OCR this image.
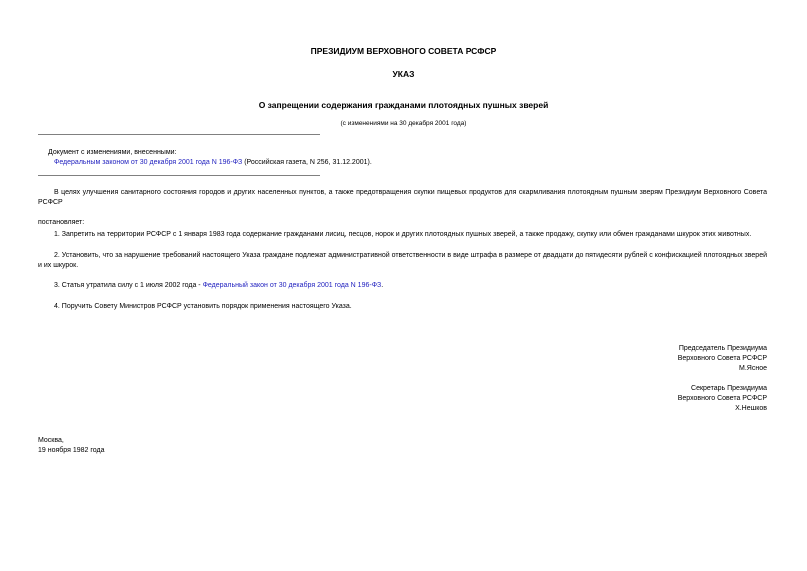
ПРЕЗИДИУМ ВЕРХОВНОГО СОВЕТА РСФСР
УКАЗ
О запрещении содержания гражданами плотоядных пушных зверей
(с изменениями на 30 декабря 2001 года)
Документ с изменениями, внесенными:
Федеральным законом от 30 декабря 2001 года N 196-ФЗ (Российская газета, N 256, 31.12.2001).
В целях улучшения санитарного состояния городов и других населенных пунктов, а также предотвращения скупки пищевых продуктов для скармливания плотоядным пушным зверям Президиум Верховного Совета РСФСР
постановляет:
1. Запретить на территории РСФСР с 1 января 1983 года содержание гражданами лисиц, песцов, норок и других плотоядных пушных зверей, а также продажу, скупку или обмен гражданами шкурок этих животных.
2. Установить, что за нарушение требований настоящего Указа граждане подлежат административной ответственности в виде штрафа в размере от двадцати до пятидесяти рублей с конфискацией плотоядных зверей и их шкурок.
3. Статья утратила силу с 1 июля 2002 года - Федеральный закон от 30 декабря 2001 года N 196-ФЗ.
4. Поручить Совету Министров РСФСР установить порядок применения настоящего Указа.
Председатель Президиума
Верховного Совета РСФСР
М.Ясное
Секретарь Президиума
Верховного Совета РСФСР
Х.Нешков
Москва,
19 ноября 1982 года
